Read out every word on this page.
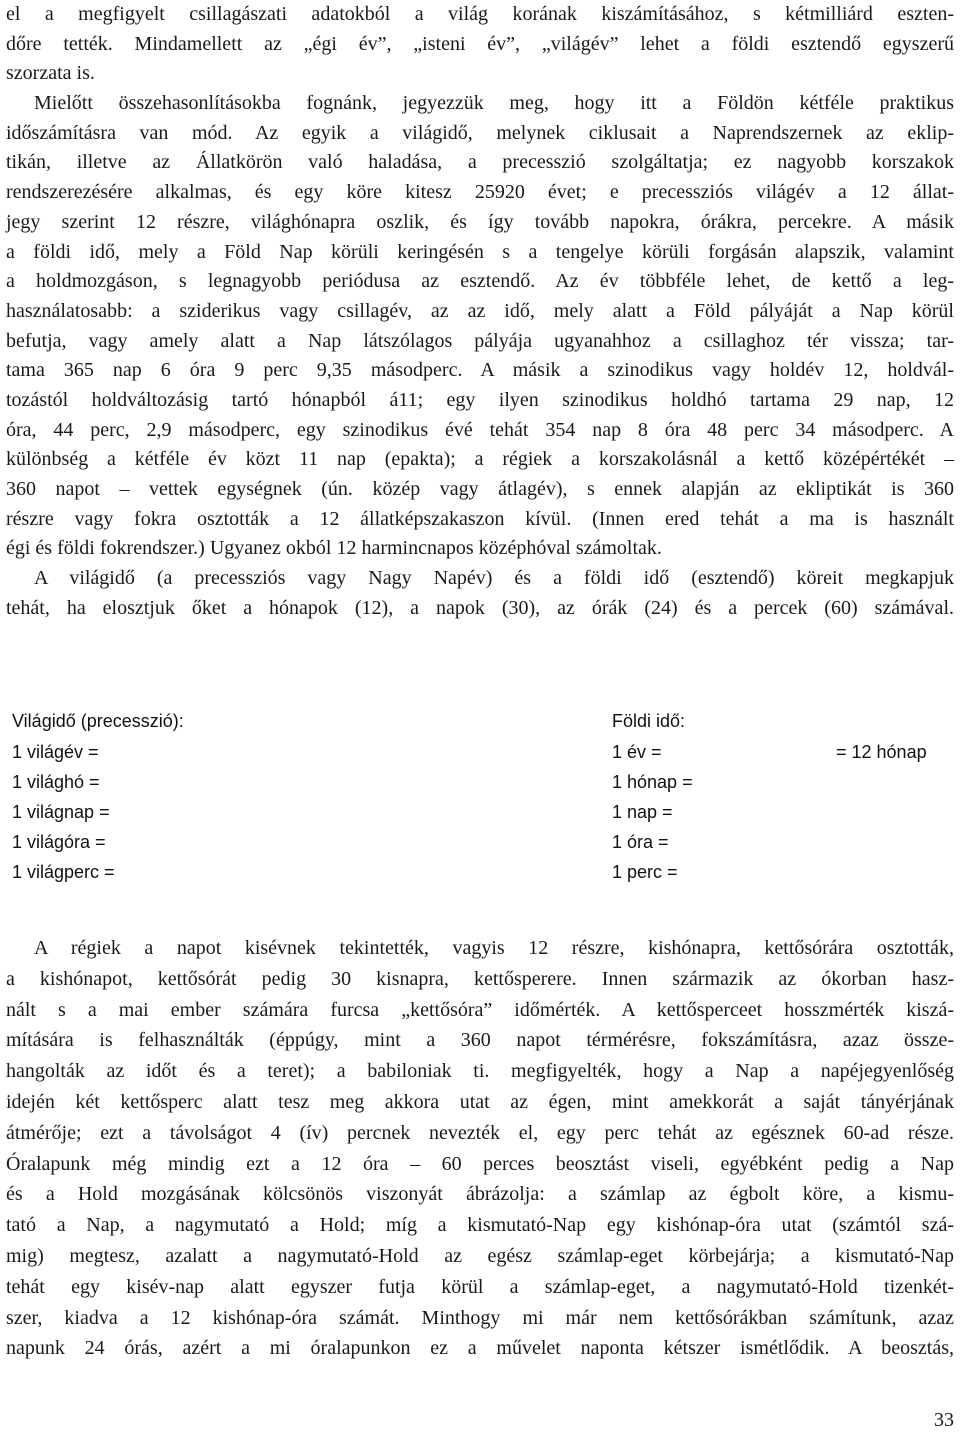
el a megfigyelt csillagászati adatokból a világ korának kiszámításához, s kétmilliárd eszten-
dőre tették. Mindamellett az „égi év”, „isteni év”, „világév” lehet a földi esztendő egyszerű
szorzata is.
Mielőtt összehasonlításokba fognánk, jegyezzük meg, hogy itt a Földön kétféle praktikus
időszámításra van mód. Az egyik a világidő, melynek ciklusait a Naprendszernek az eklip-
tikán, illetve az Állatkörön való haladása, a precesszió szolgáltatja; ez nagyobb korszakok
rendszerezésére alkalmas, és egy köre kitesz 25920 évet; e precessziós világév a 12 állat-
jegy szerint 12 részre, világhónapra oszlik, és így tovább napokra, órákra, percekre. A másik
a földi idő, mely a Föld Nap körüli keringésén s a tengelye körüli forgásán alapszik, valamint
a holdmozgáson, s legnagyobb periódusa az esztendő. Az év többféle lehet, de kettő a leg-
használatosabb: a sziderikus vagy csillagév, az az idő, mely alatt a Föld pályáját a Nap körül
befutja, vagy amely alatt a Nap látszólagos pályája ugyanahhoz a csillaghoz tér vissza; tar-
tama 365 nap 6 óra 9 perc 9,35 másodperc. A másik a szinodikus vagy holdév 12, holdvál-
tozástól holdváltozásig tartó hónapból á11; egy ilyen szinodikus holdhó tartama 29 nap, 12
óra, 44 perc, 2,9 másodperc, egy szinodikus évé tehát 354 nap 8 óra 48 perc 34 másodperc. A
különbség a kétféle év közt 11 nap (epakta); a régiek a korszakolásnál a kettő középértékét –
360 napot – vettek egységnek (ún. közép vagy átlagév), s ennek alapján az ekliptikát is 360
részre vagy fokra osztották a 12 állatképszakaszon kívül. (Innen ered tehát a ma is használt
égi és földi fokrendszer.) Ugyanez okból 12 harmincnapos középhóval számoltak.
A világidő (a precessziós vagy Nagy Napév) és a földi idő (esztendő) köreit megkapjuk
tehát, ha elosztjuk őket a hónapok (12), a napok (30), az órák (24) és a percek (60) számával.
Világidő (precesszió):	Földi idő:
1 világév =	1 év =	= 12 hónap
1 világhó =	1 hónap =
1 világnap =	1 nap =
1 világóra =	1 óra =
1 világperc =	1 perc =
A régiek a napot kisévnek tekintették, vagyis 12 részre, kishónapra, kettősórára osztották,
a kishónapot, kettősórát pedig 30 kisnapra, kettősperere. Innen származik az ókorban hasz-
nált s a mai ember számára furcsa „kettősóra” időmérték. A kettősperceet hosszmérték kiszá-
mítására is felhasználták (éppúgy, mint a 360 napot térmérésre, fokszámításra, azaz össze-
hangolták az időt és a teret); a babiloniak ti. megfigyelték, hogy a Nap a napéjegyenlőség
idején két kettősperc alatt tesz meg akkora utat az égen, mint amekkorát a saját tányérjának
átmérője; ezt a távolságot 4 (ív) percnek nevezték el, egy perc tehát az egésznek 60-ad része.
Óralapunk még mindig ezt a 12 óra – 60 perces beosztást viseli, egyébként pedig a Nap
és a Hold mozgásának kölcsönös viszonyát ábrázolja: a számlap az égbolt köre, a kismu-
tató a Nap, a nagymutató a Hold; míg a kismutató-Nap egy kishónap-óra utat (számtól szá-
mig) megtesz, azalatt a nagymutató-Hold az egész számlap-eget körbejárja; a kismutató-Nap
tehát egy kisév-nap alatt egyszer futja körül a számlap-eget, a nagymutató-Hold tizenkét-
szer, kiadva a 12 kishónap-óra számát. Minthogy mi már nem kettősórákban számítunk, azaz
napunk 24 órás, azért a mi óralapunkon ez a művelet naponta kétszer ismétlődik. A beosztás,
33
